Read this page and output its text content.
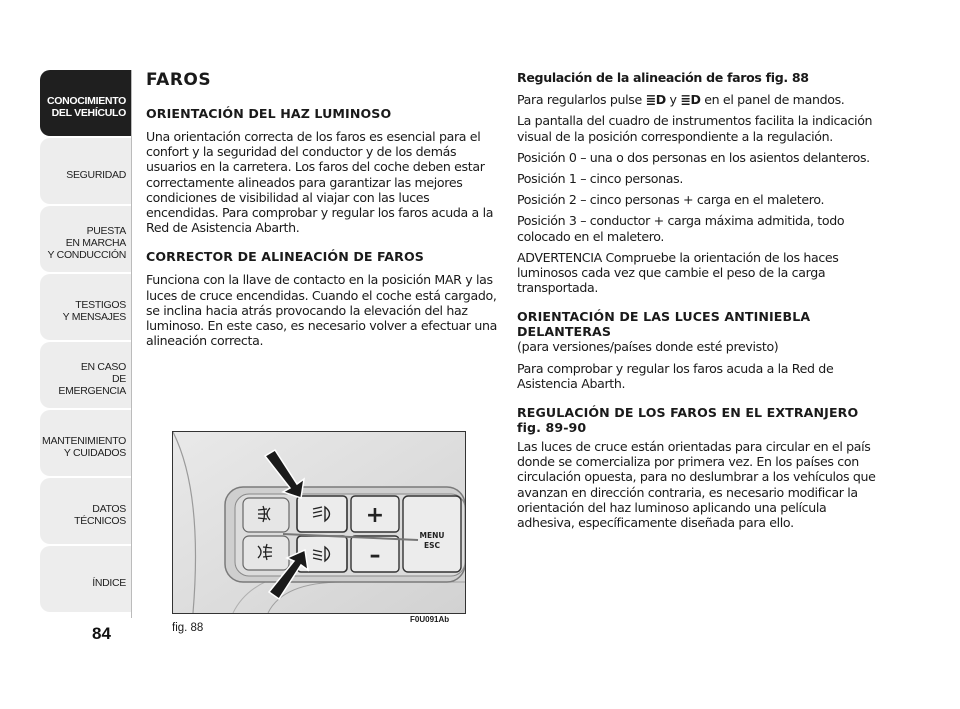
CONOCIMIENTO
DEL VEHÍCULO
SEGURIDAD
PUESTA
EN MARCHA
Y CONDUCCIÓN
TESTIGOS
Y MENSAJES
EN CASO
DE EMERGENCIA
MANTENIMIENTO
Y CUIDADOS
DATOS TÉCNICOS
ÍNDICE
84
FAROS
ORIENTACIÓN DEL HAZ LUMINOSO

Una orientación correcta de los faros es esencial para el confort y la seguridad del conductor y de los demás usuarios en la carretera. Los faros del coche deben estar correctamente alineados para garantizar las mejores condiciones de visibilidad al viajar con las luces encendidas. Para comprobar y regular los faros acuda a la Red de Asistencia Abarth.

CORRECTOR DE ALINEACIÓN DE FAROS

Funciona con la llave de contacto en la posición MAR y las luces de cruce encendidas. Cuando el coche está cargado, se inclina hacia atrás provocando la elevación del haz luminoso. En este caso, es necesario volver a efectuar una alineación correcta.

+
–
MENU
ESC
fig. 88
F0U091Ab
Regulación de la alineación de faros fig. 88

Para regularlos pulse ≣D y ≣D en el panel de mandos.

La pantalla del cuadro de instrumentos facilita la indicación visual de la posición correspondiente a la regulación.

Posición 0 – una o dos personas en los asientos delanteros.

Posición 1 – cinco personas.

Posición 2 – cinco personas + carga en el maletero.

Posición 3 – conductor + carga máxima admitida, todo colocado en el maletero.

ADVERTENCIA Compruebe la orientación de los haces luminosos cada vez que cambie el peso de la carga transportada.

ORIENTACIÓN DE LAS LUCES ANTINIEBLA DELANTERAS

(para versiones/países donde esté previsto)

Para comprobar y regular los faros acuda a la Red de Asistencia Abarth.

REGULACIÓN DE LOS FAROS EN EL EXTRANJERO fig. 89-90

Las luces de cruce están orientadas para circular en el país donde se comercializa por primera vez. En los países con circulación opuesta, para no deslumbrar a los vehículos que avanzan en dirección contraria, es necesario modificar la orientación del haz luminoso aplicando una película adhesiva, específicamente diseñada para ello.
